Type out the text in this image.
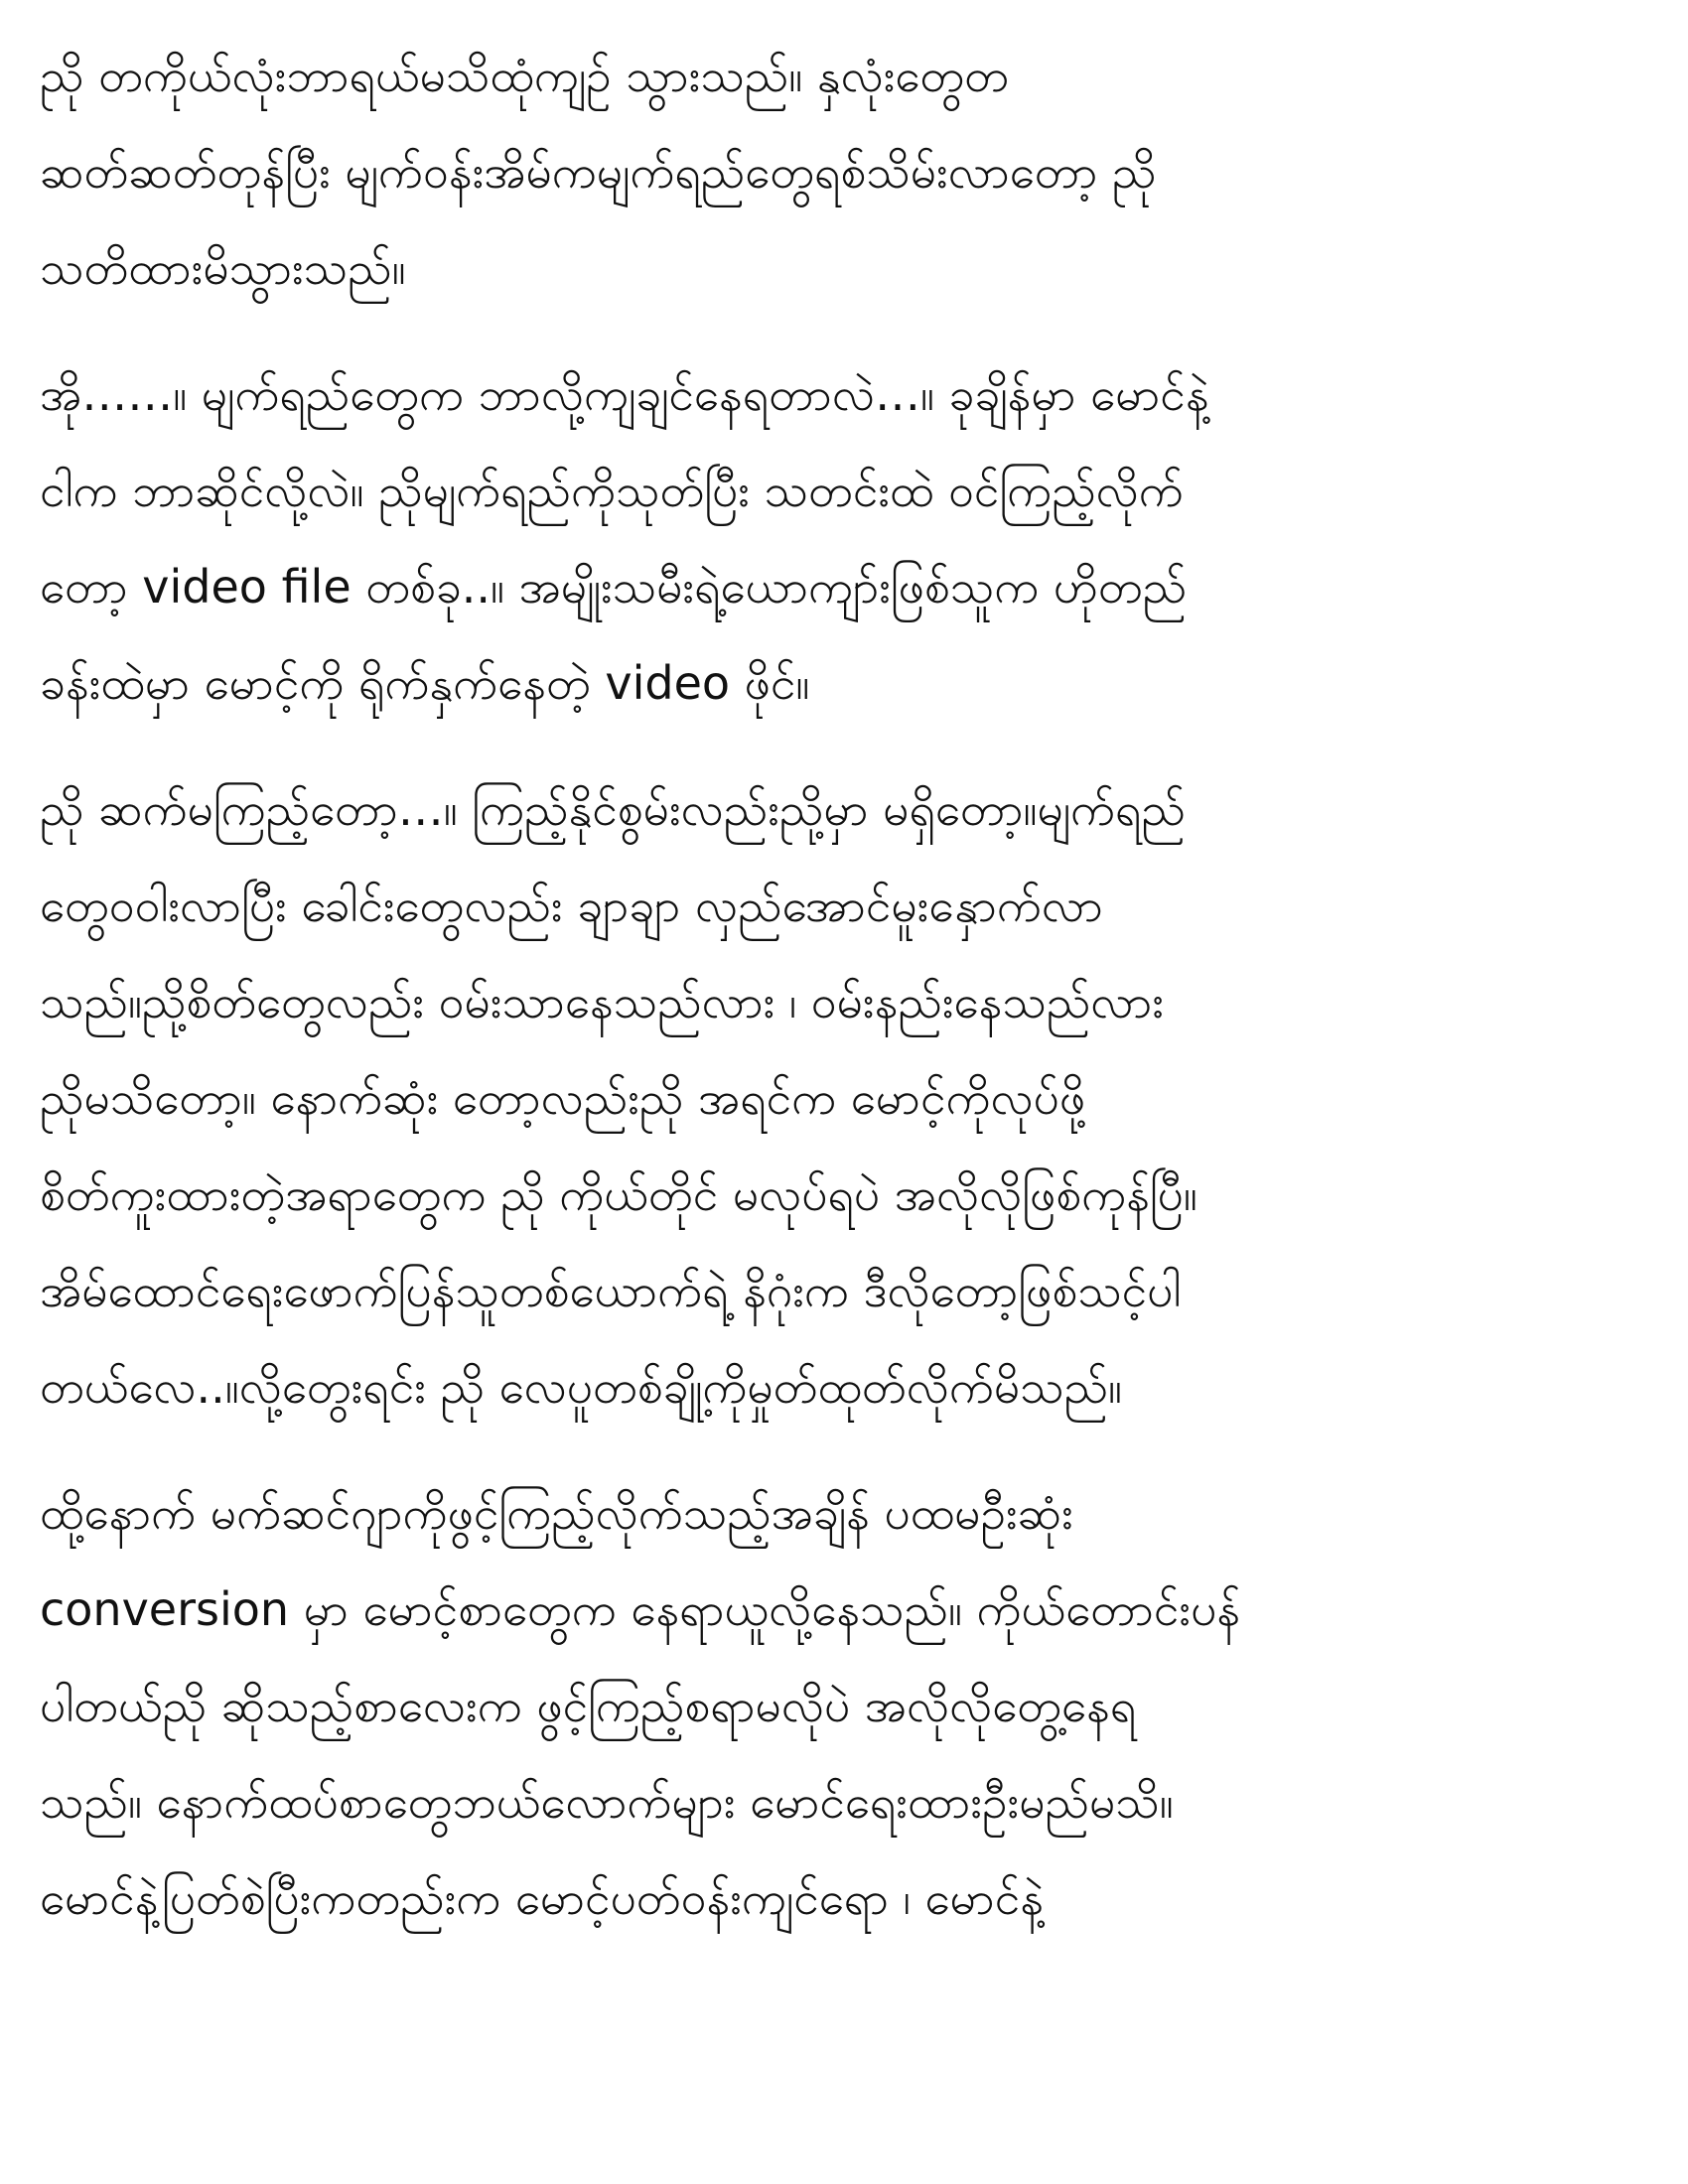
ညို တကိုယ်လုံးဘာရယ်မသိထုံကျဉ် သွားသည်။ နှလုံးတွေတ
ဆတ်ဆတ်တုန်ပြီး မျက်ဝန်းအိမ်ကမျက်ရည်တွေရစ်သိမ်းလာတော့ ညို
သတိထားမိသွားသည်။
အို……။ မျက်ရည်တွေက ဘာလို့ကျချင်နေရတာလဲ…။ ခုချိန်မှာ မောင်နဲ့
ငါက ဘာဆိုင်လို့လဲ။ ညိုမျက်ရည်ကိုသုတ်ပြီး သတင်းထဲ ဝင်ကြည့်လိုက်
တော့ video file တစ်ခု..။ အမျိုးသမီးရဲ့ယောကျာ်းဖြစ်သူက ဟိုတည်
ခန်းထဲမှာ မောင့်ကို ရိုက်နှက်နေတဲ့ video ဖိုင်။
ညို ဆက်မကြည့်တော့…။ ကြည့်နိုင်စွမ်းလည်းညို့မှာ မရှိတော့။မျက်ရည်
တွေဝဝါးလာပြီး ခေါင်းတွေလည်း ချာချာ လှည်အောင်မူးနှောက်လာ
သည်။ညို့စိတ်တွေလည်း ဝမ်းသာနေသည်လား ၊ ဝမ်းနည်းနေသည်လား
ညိုမသိတော့။ နောက်ဆုံး တော့လည်းညို အရင်က မောင့်ကိုလုပ်ဖို့
စိတ်ကူးထားတဲ့အရာတွေက ညို ကိုယ်တိုင် မလုပ်ရပဲ အလိုလိုဖြစ်ကုန်ပြီ။
အိမ်ထောင်ရေးဖောက်ပြန်သူတစ်ယောက်ရဲ့ နိဂုံးက ဒီလိုတော့ဖြစ်သင့်ပါ
တယ်လေ..။လို့တွေးရင်း ညို လေပူတစ်ချို့ကိုမှုတ်ထုတ်လိုက်မိသည်။
ထို့နောက် မက်ဆင်ဂျာကိုဖွင့်ကြည့်လိုက်သည့်အချိန် ပထမဦးဆုံး
conversion မှာ မောင့်စာတွေက နေရာယူလို့နေသည်။ ကိုယ်တောင်းပန်
ပါတယ်ညို ဆိုသည့်စာလေးက ဖွင့်ကြည့်စရာမလိုပဲ အလိုလိုတွေ့နေရ
သည်။ နောက်ထပ်စာတွေဘယ်လောက်များ မောင်ရေးထားဦးမည်မသိ။
မောင်နဲ့ပြတ်စဲပြီးကတည်းက မောင့်ပတ်ဝန်းကျင်ရော ၊ မောင်နဲ့
